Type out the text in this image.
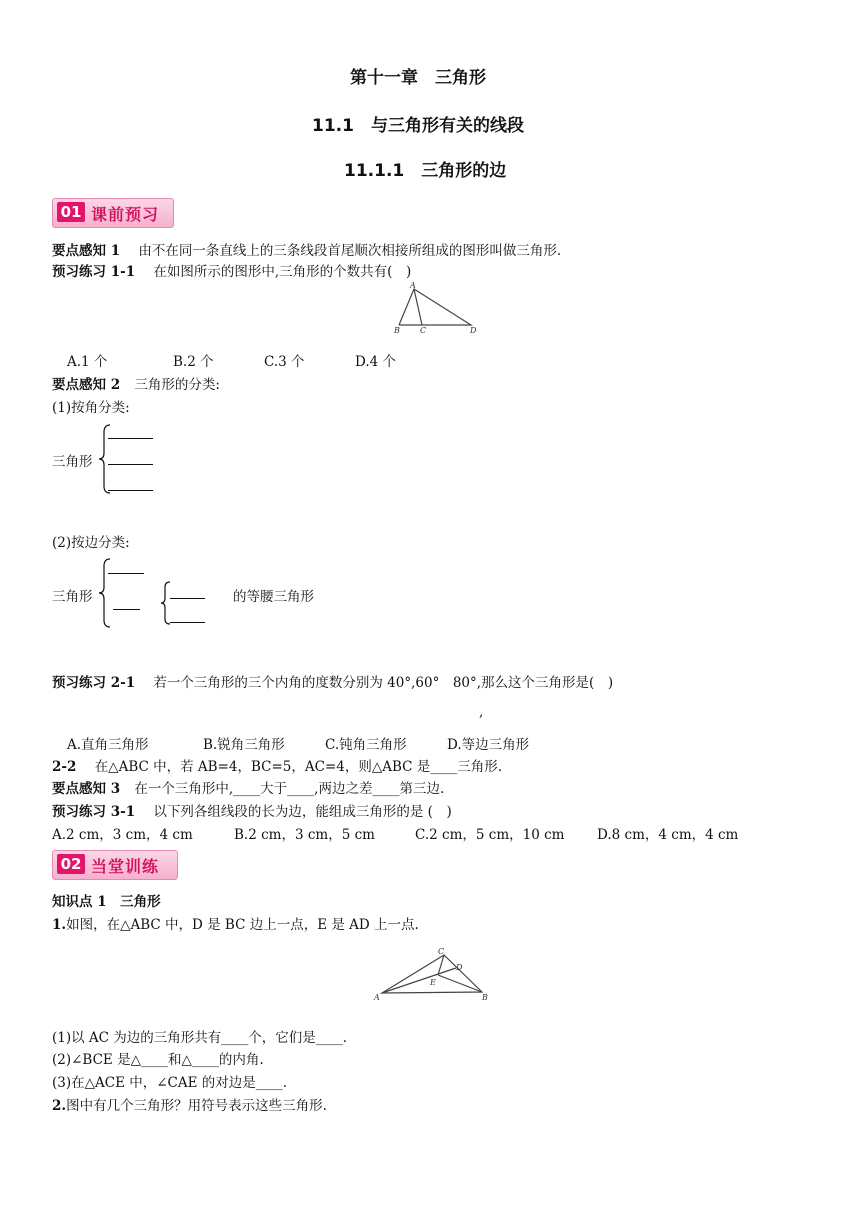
第十一章　三角形
11.1　与三角形有关的线段
11.1.1　三角形的边
01 课前预习
要点感知 1 由不在同一条直线上的三条线段首尾顺次相接所组成的图形叫做三角形.
预习练习 1-1 在如图所示的图形中,三角形的个数共有(　)
A
B	C	D
A.1 个	B.2 个	C.3 个	D.4 个
要点感知 2 三角形的分类:
(1)按角分类:
三角形
(2)按边分类:
三角形	的等腰三角形
预习练习 2-1 若一个三角形的三个内角的度数分别为 40°,60°　80°,那么这个三角形是(　)
,
A.直角三角形	B.锐角三角形	C.钝角三角形	D.等边三角形
2-2 在△ABC 中，若 AB=4，BC=5，AC=4，则△ABC 是____三角形.
要点感知 3 在一个三角形中,____大于____,两边之差____第三边.
预习练习 3-1 以下列各组线段的长为边，能组成三角形的是 (　)
A.2 cm，3 cm，4 cm	B.2 cm，3 cm，5 cm	C.2 cm，5 cm，10 cm D.8 cm，4 cm，4 cm
02 当堂训练
知识点 1　三角形
1.如图，在△ABC 中，D 是 BC 边上一点，E 是 AD 上一点.
A
C
D
E
B
(1)以 AC 为边的三角形共有____个，它们是____.
(2)∠BCE 是△____和△____的内角.
(3)在△ACE 中，∠CAE 的对边是____.
2.图中有几个三角形？用符号表示这些三角形.
